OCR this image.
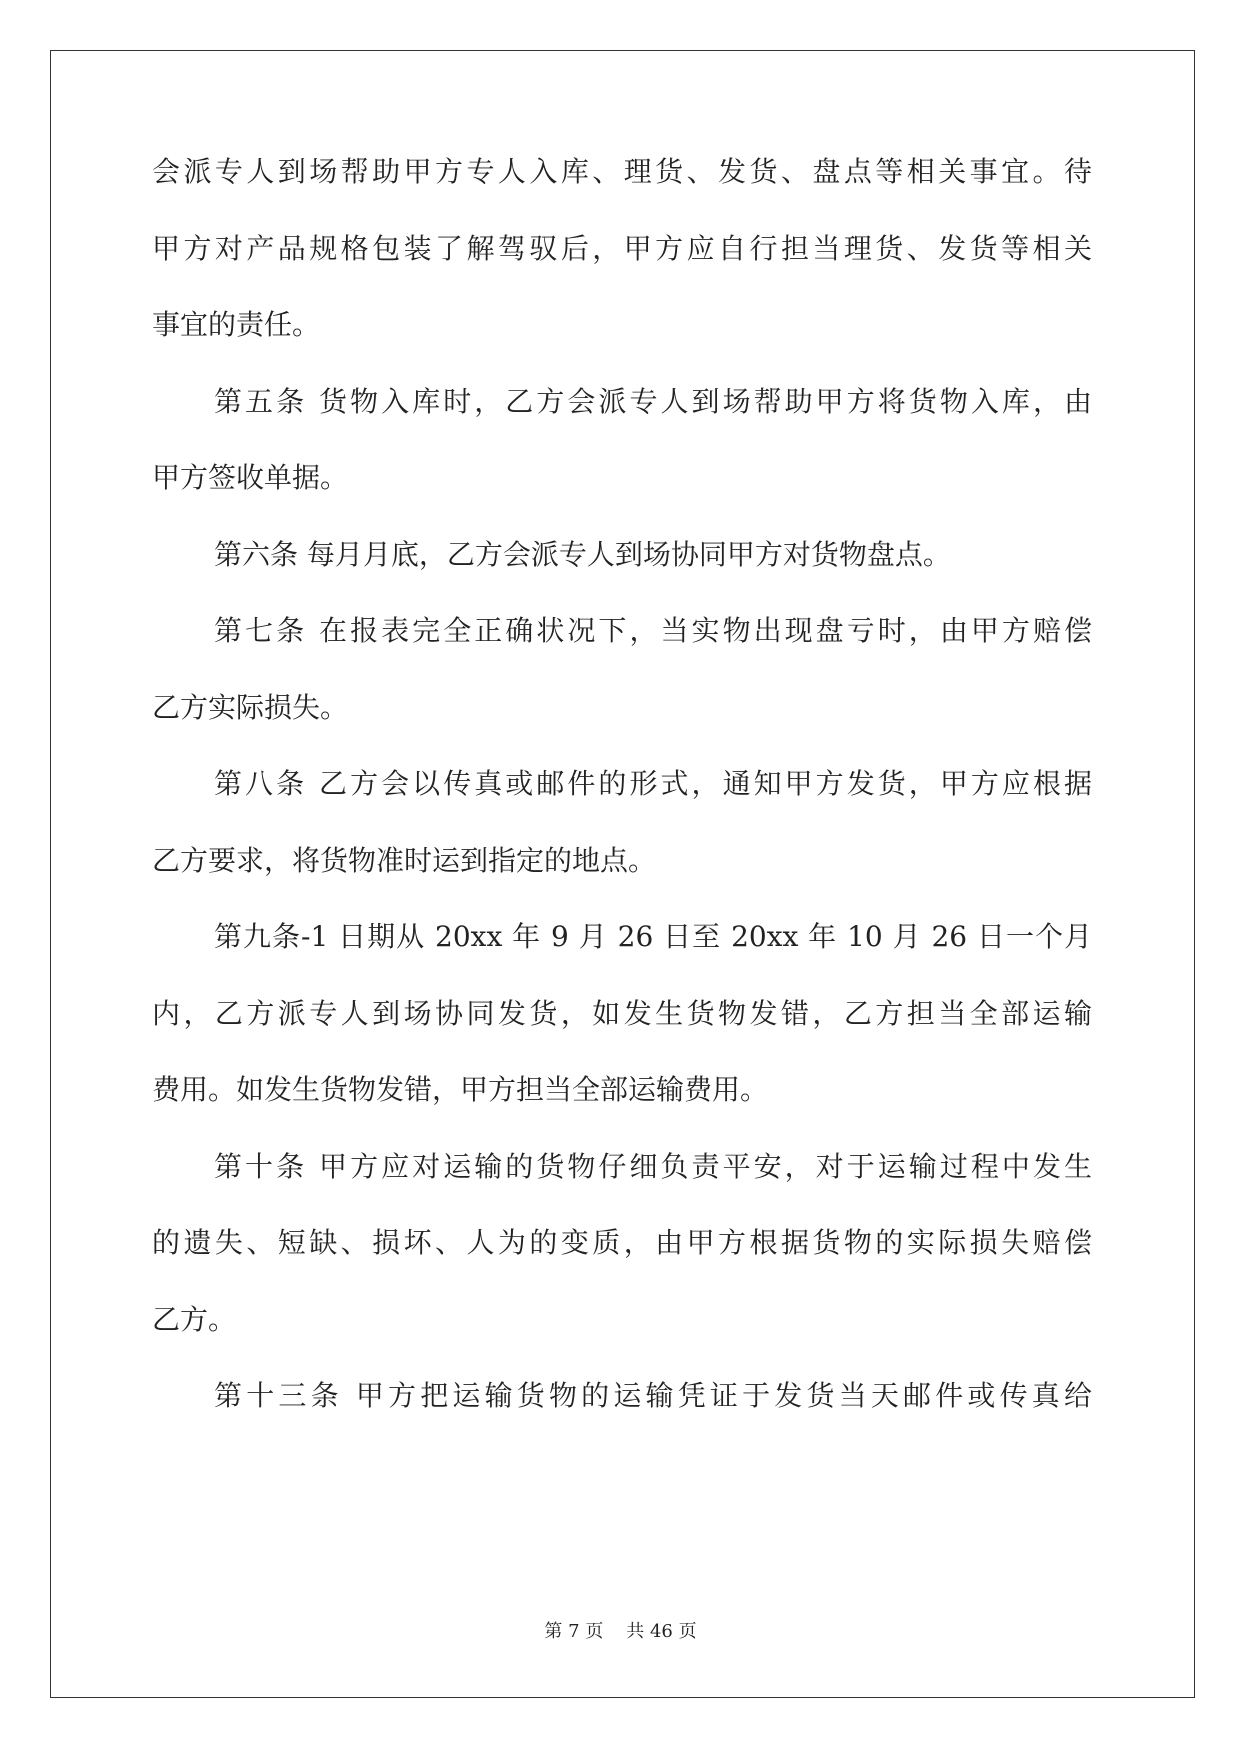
会派专人到场帮助甲方专人入库、理货、发货、盘点等相关事宜。待
甲方对产品规格包装了解驾驭后，甲方应自行担当理货、发货等相关
事宜的责任。
第五条 货物入库时，乙方会派专人到场帮助甲方将货物入库，由
甲方签收单据。
第六条 每月月底，乙方会派专人到场协同甲方对货物盘点。
第七条 在报表完全正确状况下，当实物出现盘亏时，由甲方赔偿
乙方实际损失。
第八条 乙方会以传真或邮件的形式，通知甲方发货，甲方应根据
乙方要求，将货物准时运到指定的地点。
第九条-1 日期从 20xx 年 9 月 26 日至 20xx 年 10 月 26 日一个月
内，乙方派专人到场协同发货，如发生货物发错，乙方担当全部运输
费用。如发生货物发错，甲方担当全部运输费用。
第十条 甲方应对运输的货物仔细负责平安，对于运输过程中发生
的遗失、短缺、损坏、人为的变质，由甲方根据货物的实际损失赔偿
乙方。
第十三条 甲方把运输货物的运输凭证于发货当天邮件或传真给
第 7 页 共 46 页
